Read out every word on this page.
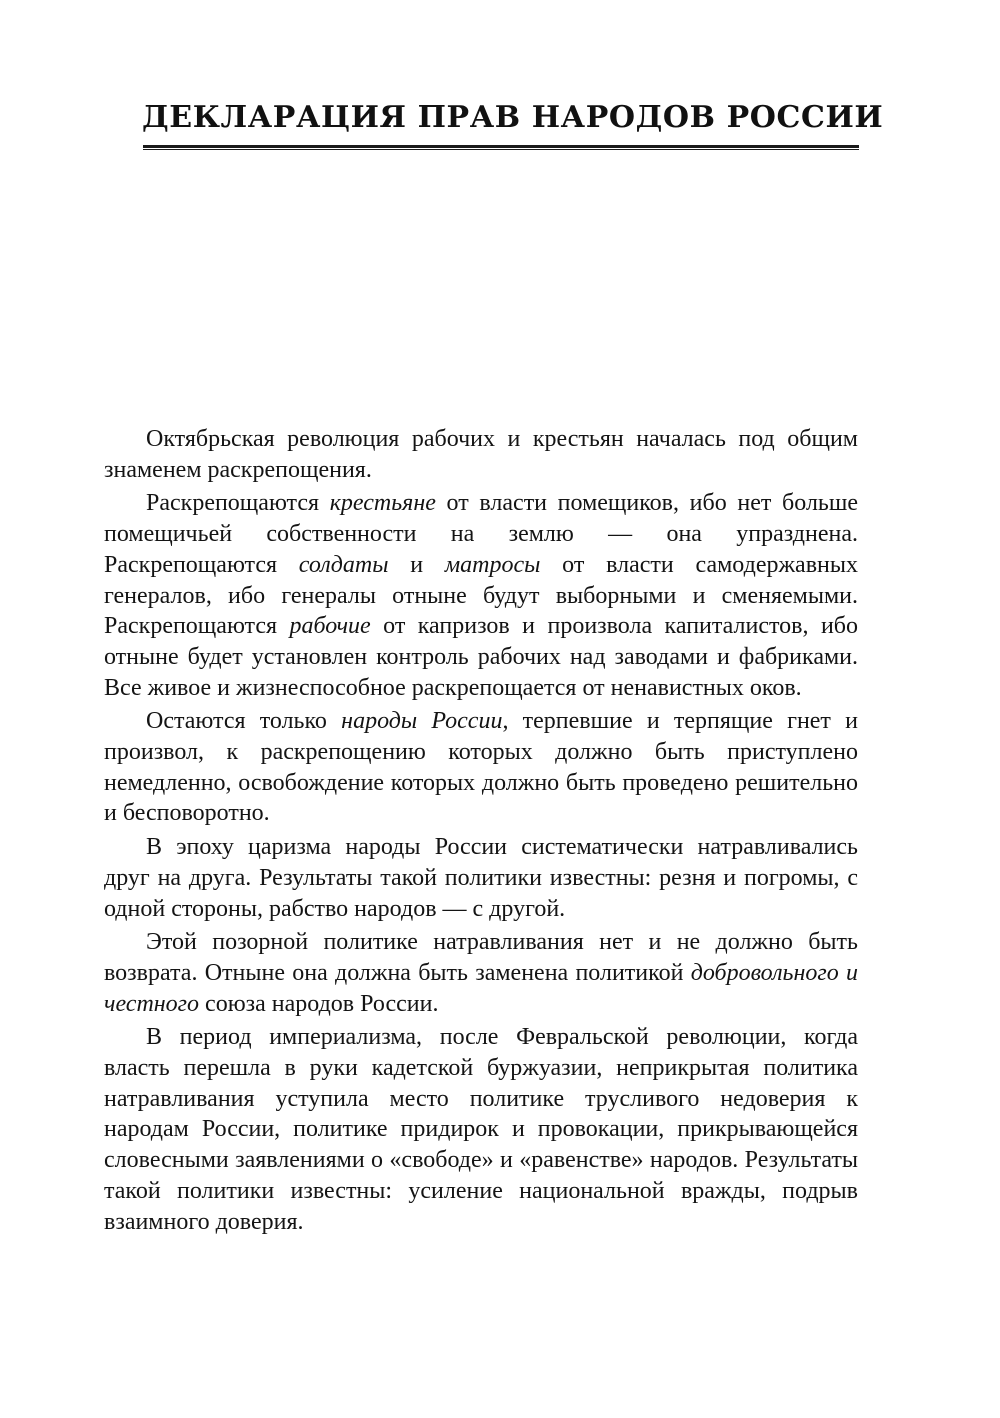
ДЕКЛАРАЦИЯ ПРАВ НАРОДОВ РОССИИ

Октябрьская революция рабочих и крестьян началась под общим знаменем раскрепощения.

Раскрепощаются крестьяне от власти помещиков, ибо нет больше помещичьей собственности на землю — она упразднена. Раскрепощаются солдаты и матросы от власти самодержавных генералов, ибо генералы отныне будут выборными и сменяемыми. Раскрепощаются рабочие от капризов и произвола капиталистов, ибо отныне будет установлен контроль рабочих над заводами и фабриками. Все живое и жизнеспособное раскрепощается от ненавистных оков.

Остаются только народы России, терпевшие и терпящие гнет и произвол, к раскрепощению которых должно быть приступлено немедленно, освобождение которых должно быть проведено решительно и бесповоротно.

В эпоху царизма народы России систематически натравливались друг на друга. Результаты такой политики известны: резня и погромы, с одной стороны, рабство народов — с другой.

Этой позорной политике натравливания нет и не должно быть возврата. Отныне она должна быть заменена политикой добровольного и честного союза народов России.

В период империализма, после Февральской революции, когда власть перешла в руки кадетской буржуазии, неприкрытая политика натравливания уступила место политике трусливого недоверия к народам России, политике придирок и провокации, прикрывающейся словесными заявлениями о «свободе» и «равенстве» народов. Результаты такой политики известны: усиление национальной вражды, подрыв взаимного доверия.
